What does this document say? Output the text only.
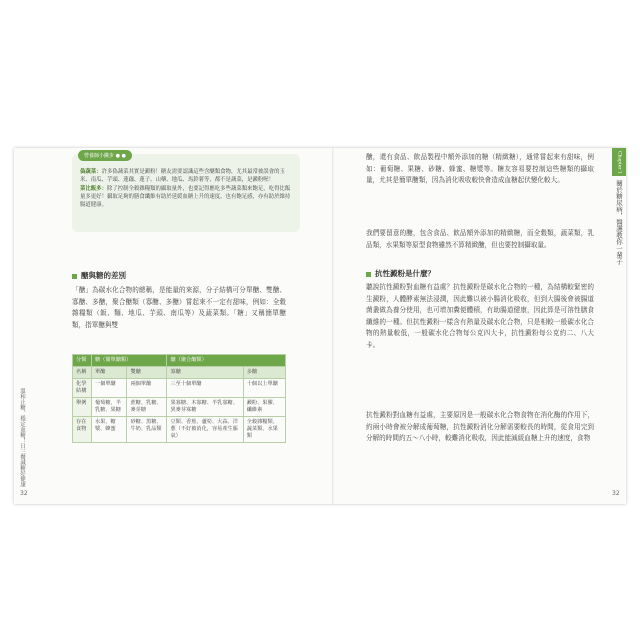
營養師小撇步 ● ●
偽蔬菜：許多偽蔬菜其實是澱粉！糖友需要認識這些含醣類食物，尤其最常被誤會的玉米、南瓜、芋頭、蓮藕、蓮子、山藥、地瓜、馬鈴薯等，都不是蔬菜，是澱粉喔！
菜比飯多：除了控制全穀雜糧類的攝取量外，也要記得應吃多些蔬菜類來飽足，吃得比飯量多更好！攝取足夠的膳食纖維有助於延緩血糖上升的速度，也有飽足感，亦有助於維持腸道健康。
醣與糖的差別
「醣」為碳水化合物的總稱，是能量的來源，分子結構可分單醣、雙醣、寡醣、多醣，聚合醣類（寡醣、多醣）嘗起來不一定有甜味，例如：全穀雜糧類（飯、麵、地瓜、芋頭、南瓜等）及蔬菜類。「糖」又稱簡單醣類，指單醣與雙
分類	糖（簡單醣類）		醣（聚合醣類）	
名稱	單醣	雙醣	寡醣	多醣
化學結構	一個單醣	兩個單醣	三至十個單醣	十個以上單醣
舉例	葡萄糖、半乳糖、果糖	蔗糖、乳糖、麥芽糖	果寡糖、木寡糖、半乳寡糖、異麥芽寡糖	澱粉、果膠、纖維素
存在食物	水果、糖漿、蜂蜜	砂糖、黑糖、牛奶、乳品類	豆類、香蕉、蘆筍、大蒜、洋蔥（不好被消化，容易產生脹氣）	全穀雜糧類、蔬菜類、水果類
溫和止糖，穩定血糖！日三餐減糖好健康
32
醣，還有食品、飲品製程中額外添加的糖（精緻糖），通常嘗起來有甜味，例如：葡萄糖、果糖、砂糖、蜂蜜、糖漿等。糖友容易要控制這些糖類的攝取量，尤其是簡單醣類，因為消化吸收較快會造成血糖起伏變化較大。
我們要留意的醣，包含食品、飲品額外添加的精緻糖，而全穀類，蔬菜類，乳品類，水果類等原型食物雖然不算精緻醣，但也要控制攝取量。
抗性澱粉是什麼？
聽說抗性澱粉對血糖有益處？抗性澱粉是碳水化合物的一種，為結構較緊密的生澱粉，人體酵素無法浸潤，因此難以被小腸消化吸收，但到大腸後會被腸道菌叢做為養分使用，也可增加糞便體積，有助腸道健康，因此算是可溶性膳食纖維的一種。但抗性澱粉一樣含有熱量及碳水化合物，只是相較一般碳水化合物的熱量較低，一般碳水化合物每公克四大卡，抗性澱粉每公克約二、八大卡。
抗性澱粉對血糖有益處，主要原因是一般碳水化合物食物在消化酶的作用下，約兩小時會被分解成葡萄糖，抗性澱粉消化分解需要較長的時間，從食用完到分解的時間約五～八小時，較難消化吸收，因此能減緩血糖上升的速度，食物
Chapter 1
關於糖尿病，醫護教你一輩子
32
